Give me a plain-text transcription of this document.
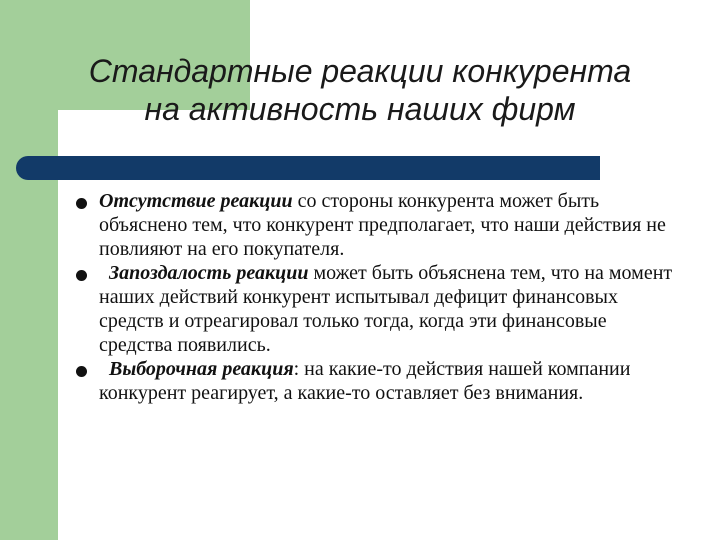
Стандартные реакции конкурента
на активность наших фирм
Отсутствие реакции со стороны конкурента может быть объяснено тем, что конкурент предполагает, что наши действия не повлияют на его покупателя.
Запоздалость реакции может быть объяснена тем, что на момент наших действий конкурент испытывал дефицит финансовых средств и отреагировал только тогда, когда эти финансовые средства появились.
Выборочная реакция: на какие-то действия нашей компании конкурент реагирует, а какие-то оставляет без внимания.
